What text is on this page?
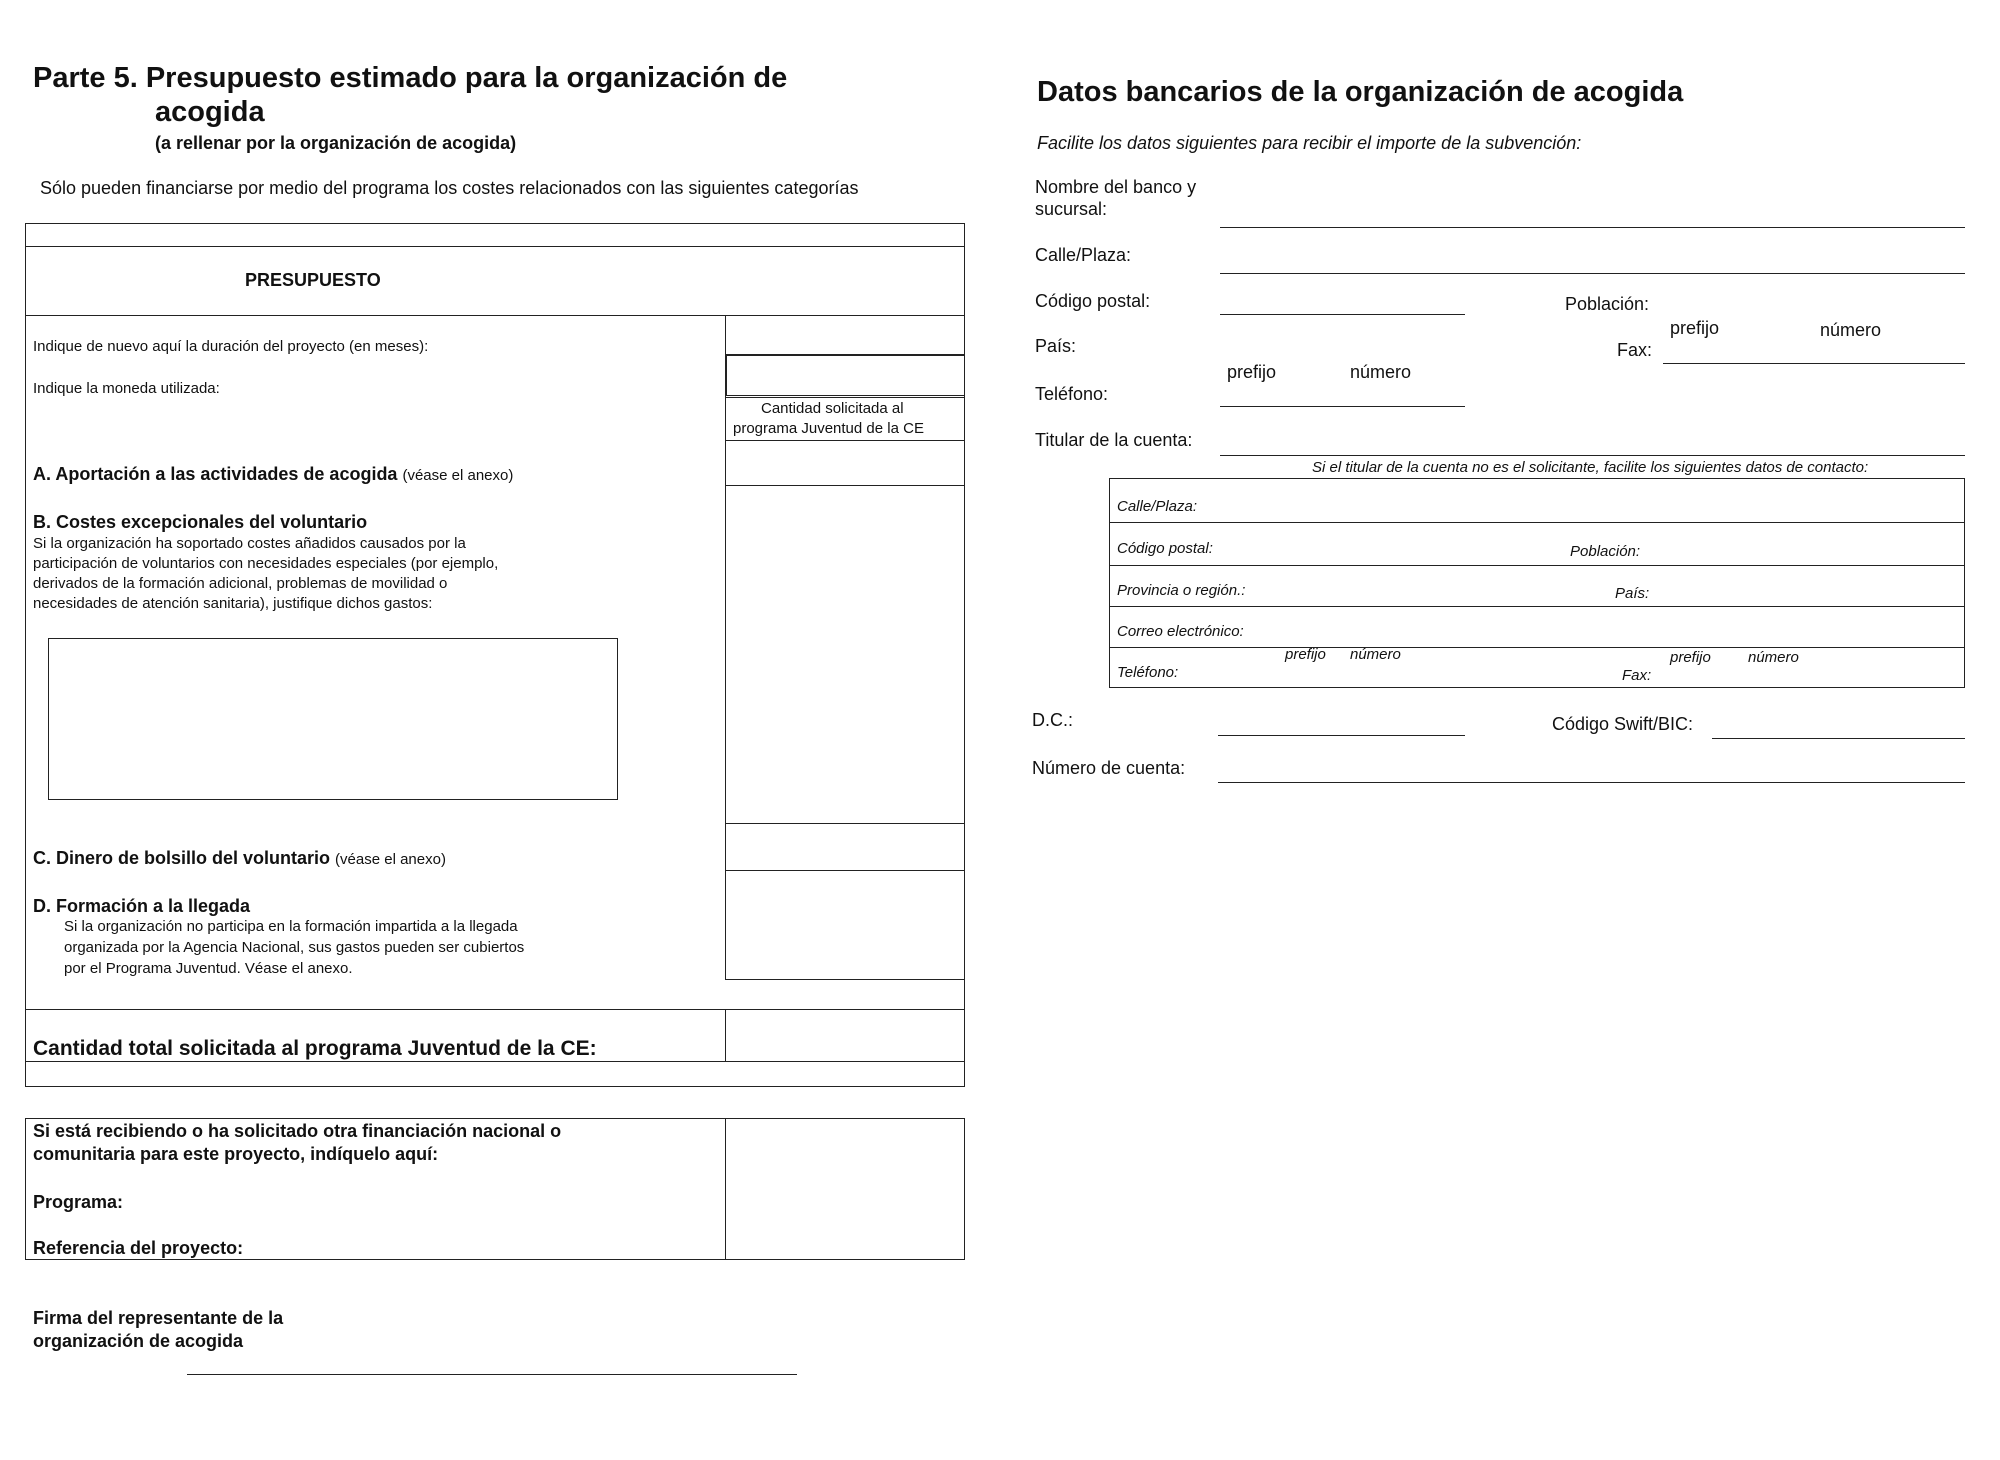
Parte 5. Presupuesto estimado para la organización de
acogida
(a rellenar por la organización de acogida)
Sólo pueden financiarse por medio del programa los costes relacionados con las siguientes categorías
PRESUPUESTO
Cantidad solicitada al
programa Juventud de la CE
Indique de nuevo aquí la duración del proyecto (en meses):
Indique la moneda utilizada:
A. Aportación a las actividades de acogida (véase el anexo)
B. Costes excepcionales del voluntario
Si la organización ha soportado costes añadidos causados por la
participación de voluntarios con necesidades especiales (por ejemplo,
derivados de la formación adicional, problemas de movilidad o
necesidades de atención sanitaria), justifique dichos gastos:
C. Dinero de bolsillo del voluntario (véase el anexo)
D. Formación a la llegada
Si la organización no participa en la formación impartida a la llegada
organizada por la Agencia Nacional, sus gastos pueden ser cubiertos
por el Programa Juventud. Véase el anexo.
Cantidad total solicitada al programa Juventud de la CE:
Si está recibiendo o ha solicitado otra financiación nacional o
comunitaria para este proyecto, indíquelo aquí:
Programa:
Referencia del proyecto:
Firma del representante de la
organización de acogida
Datos bancarios de la organización de acogida
Facilite los datos siguientes para recibir el importe de la subvención:
Nombre del banco y
sucursal:
Calle/Plaza:
Código postal:	Población:
prefijo	número
País:	Fax:
prefijo	número
Teléfono:
Titular de la cuenta:
Si el titular de la cuenta no es el solicitante, facilite los siguientes datos de contacto:
Calle/Plaza:
Código postal:	Población:
Provincia o región.:	País:
Correo electrónico:
prefijo número	prefijo número
Teléfono:	Fax:
D.C.:	Código Swift/BIC:
Número de cuenta:
